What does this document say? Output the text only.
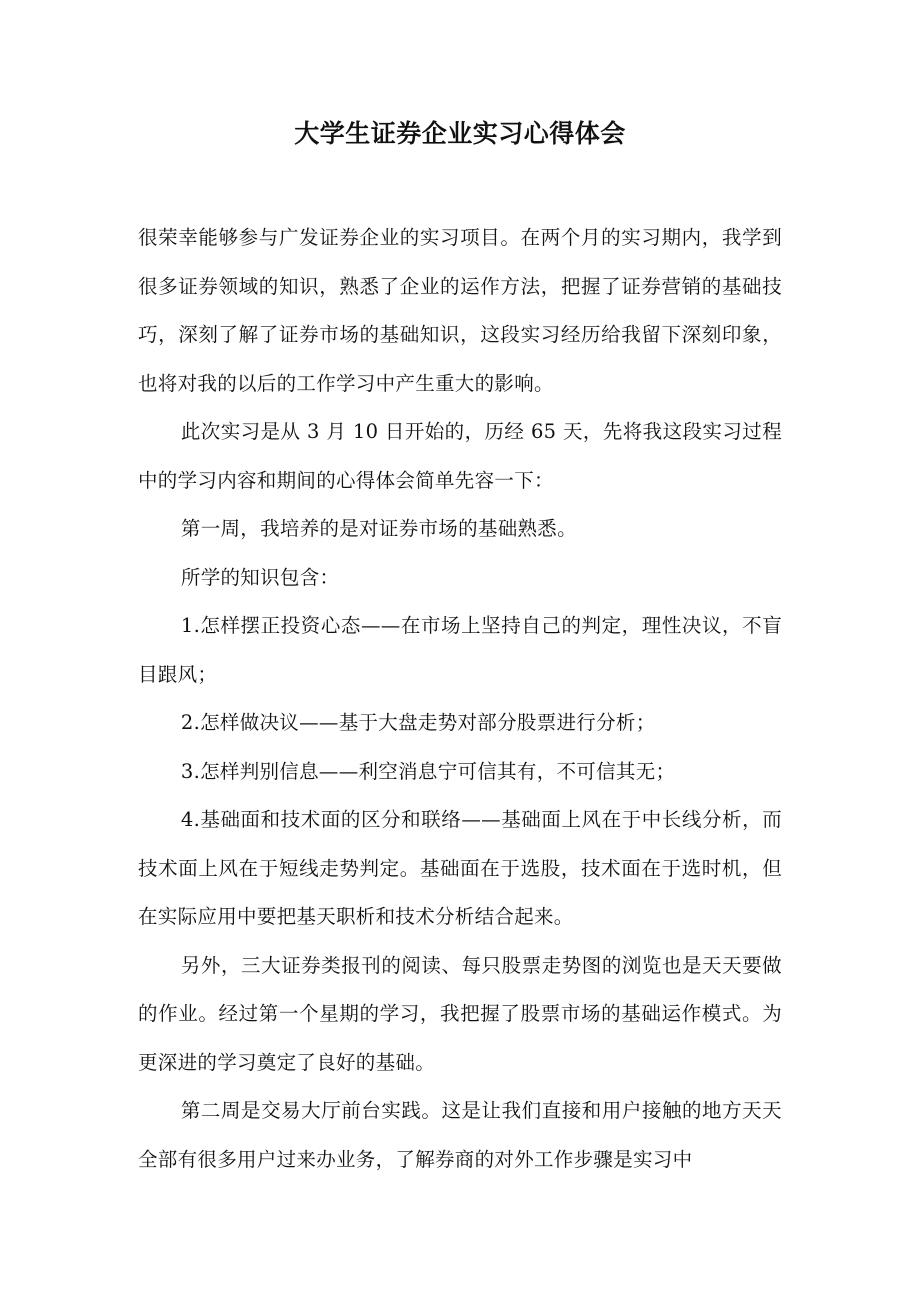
大学生证券企业实习心得体会

很荣幸能够参与广发证券企业的实习项目。在两个月的实习期内，我学到很多证券领域的知识，熟悉了企业的运作方法，把握了证券营销的基础技巧，深刻了解了证券市场的基础知识，这段实习经历给我留下深刻印象，也将对我的以后的工作学习中产生重大的影响。

此次实习是从 3 月 10 日开始的，历经 65 天，先将我这段实习过程中的学习内容和期间的心得体会简单先容一下：

第一周，我培养的是对证券市场的基础熟悉。

所学的知识包含：

1.怎样摆正投资心态——在市场上坚持自己的判定，理性决议，不盲目跟风；

2.怎样做决议——基于大盘走势对部分股票进行分析；

3.怎样判别信息——利空消息宁可信其有，不可信其无；

4.基础面和技术面的区分和联络——基础面上风在于中长线分析，而技术面上风在于短线走势判定。基础面在于选股，技术面在于选时机，但在实际应用中要把基天职析和技术分析结合起来。

另外，三大证券类报刊的阅读、每只股票走势图的浏览也是天天要做的作业。经过第一个星期的学习，我把握了股票市场的基础运作模式。为更深进的学习奠定了良好的基础。

第二周是交易大厅前台实践。这是让我们直接和用户接触的地方天天全部有很多用户过来办业务，了解券商的对外工作步骤是实习中
